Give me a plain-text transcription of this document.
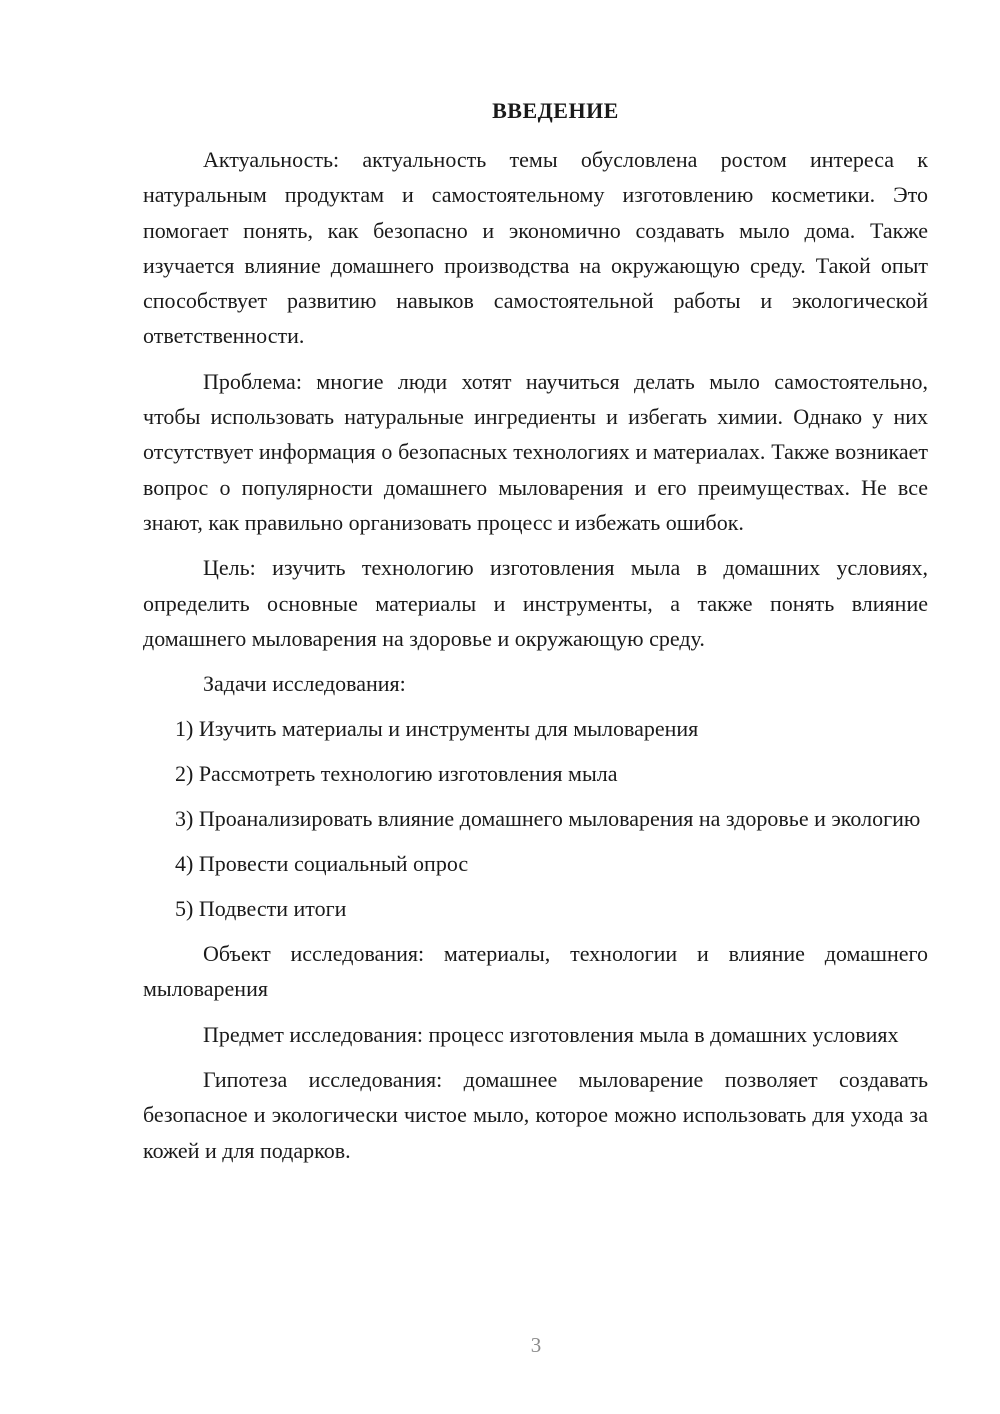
ВВЕДЕНИЕ

Актуальность: актуальность темы обусловлена ростом интереса к натуральным продуктам и самостоятельному изготовлению косметики. Это помогает понять, как безопасно и экономично создавать мыло дома. Также изучается влияние домашнего производства на окружающую среду. Такой опыт способствует развитию навыков самостоятельной работы и экологической ответственности.

Проблема: многие люди хотят научиться делать мыло самостоятельно, чтобы использовать натуральные ингредиенты и избегать химии. Однако у них отсутствует информация о безопасных технологиях и материалах. Также возникает вопрос о популярности домашнего мыловарения и его преимуществах. Не все знают, как правильно организовать процесс и избежать ошибок.

Цель: изучить технологию изготовления мыла в домашних условиях, определить основные материалы и инструменты, а также понять влияние домашнего мыловарения на здоровье и окружающую среду.

Задачи исследования:

1) Изучить материалы и инструменты для мыловарения

2) Рассмотреть технологию изготовления мыла

3) Проанализировать влияние домашнего мыловарения на здоровье и экологию

4) Провести социальный опрос

5) Подвести итоги

Объект исследования: материалы, технологии и влияние домашнего мыловарения

Предмет исследования: процесс изготовления мыла в домашних условиях

Гипотеза исследования: домашнее мыловарение позволяет создавать безопасное и экологически чистое мыло, которое можно использовать для ухода за кожей и для подарков.

3
